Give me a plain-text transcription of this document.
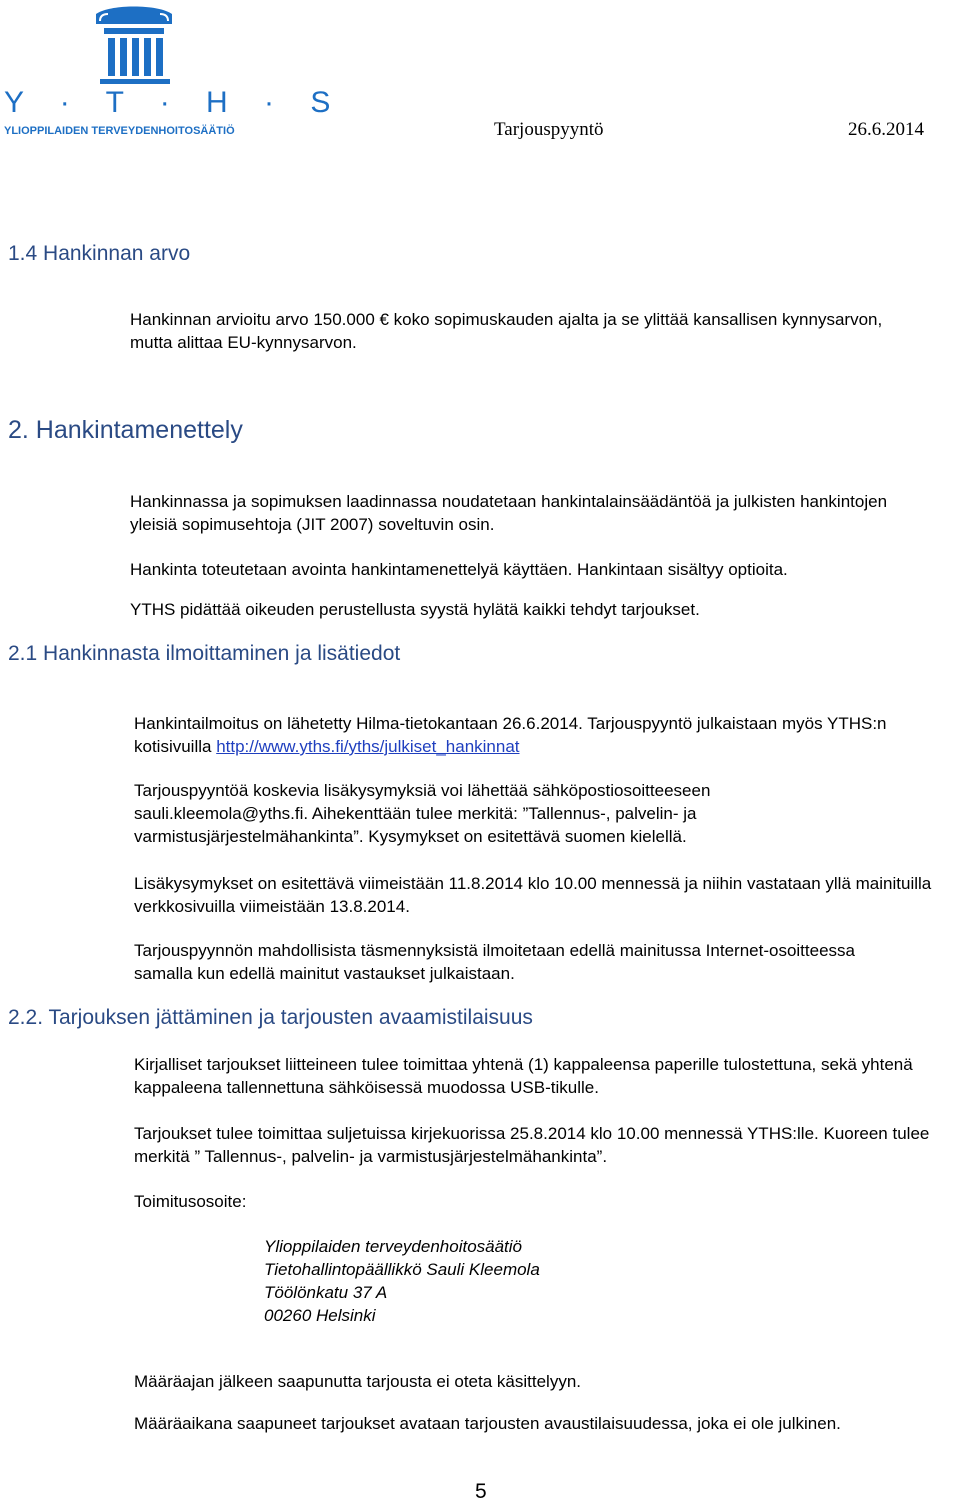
Y · T · H · S
YLIOPPILAIDEN TERVEYDENHOITOSÄÄTIÖ	Tarjouspyyntö	26.6.2014
1.4 Hankinnan arvo

Hankinnan arvioitu arvo 150.000 € koko sopimuskauden ajalta ja se ylittää kansallisen kynnysarvon, mutta alittaa EU-kynnysarvon.

2. Hankintamenettely

Hankinnassa ja sopimuksen laadinnassa noudatetaan hankintalainsäädäntöä ja julkisten hankintojen yleisiä sopimusehtoja (JIT 2007) soveltuvin osin.

Hankinta toteutetaan avointa hankintamenettelyä käyttäen. Hankintaan sisältyy optioita.

YTHS pidättää oikeuden perustellusta syystä hylätä kaikki tehdyt tarjoukset.

2.1 Hankinnasta ilmoittaminen ja lisätiedot

Hankintailmoitus on lähetetty Hilma-tietokantaan 26.6.2014. Tarjouspyyntö julkaistaan myös YTHS:n kotisivuilla http://www.yths.fi/yths/julkiset_hankinnat

Tarjouspyyntöä koskevia lisäkysymyksiä voi lähettää sähköpostiosoitteeseen sauli.kleemola@yths.fi. Aihekenttään tulee merkitä: ”Tallennus-, palvelin- ja varmistusjärjestelmähankinta”. Kysymykset on esitettävä suomen kielellä.

Lisäkysymykset on esitettävä viimeistään 11.8.2014 klo 10.00 mennessä ja niihin vastataan yllä mainituilla verkkosivuilla viimeistään 13.8.2014.

Tarjouspyynnön mahdollisista täsmennyksistä ilmoitetaan edellä mainitussa Internet-osoitteessa samalla kun edellä mainitut vastaukset julkaistaan.

2.2. Tarjouksen jättäminen ja tarjousten avaamistilaisuus

Kirjalliset tarjoukset liitteineen tulee toimittaa yhtenä (1) kappaleensa paperille tulostettuna, sekä yhtenä kappaleena tallennettuna sähköisessä muodossa USB-tikulle.

Tarjoukset tulee toimittaa suljetuissa kirjekuorissa 25.8.2014 klo 10.00 mennessä YTHS:lle. Kuoreen tulee merkitä ” Tallennus-, palvelin- ja varmistusjärjestelmähankinta”.

Toimitusosoite:

Ylioppilaiden terveydenhoitosäätiö
Tietohallintopäällikkö Sauli Kleemola
Töölönkatu 37 A
00260 Helsinki

Määräajan jälkeen saapunutta tarjousta ei oteta käsittelyyn.

Määräaikana saapuneet tarjoukset avataan tarjousten avaustilaisuudessa, joka ei ole julkinen.

5
